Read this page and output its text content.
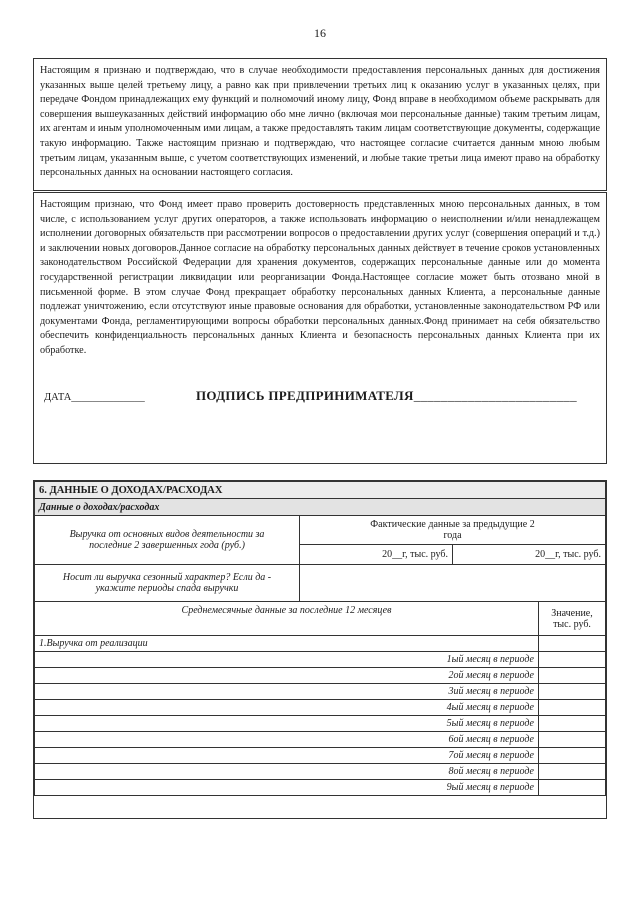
16
Настоящим я признаю и подтверждаю, что в случае необходимости предоставления персональных данных для достижения указанных выше целей третьему лицу, а равно как при привлечении третьих лиц к оказанию услуг в указанных целях, при передаче Фондом принадлежащих ему функций и полномочий иному лицу, Фонд вправе в необходимом объеме раскрывать для совершения вышеуказанных действий информацию обо мне лично (включая мои персональные данные) таким третьим лицам, их агентам и иным уполномоченным ими лицам, а также предоставлять таким лицам соответствующие документы, содержащие такую информацию. Также настоящим признаю и подтверждаю, что настоящее согласие считается данным мною любым третьим лицам, указанным выше, с учетом соответствующих изменений, и любые такие третьи лица имеют право на обработку персональных данных на основании настоящего согласия.
Настоящим признаю, что Фонд имеет право проверить достоверность представленных мною персональных данных, в том числе, с использованием услуг других операторов, а также использовать информацию о неисполнении и/или ненадлежащем исполнении договорных обязательств при рассмотрении вопросов о предоставлении других услуг (совершения операций и т.д.) и заключении новых договоров.Данное согласие на обработку персональных данных действует в течение сроков установленных законодательством Российской Федерации для хранения документов, содержащих персональные данные или до момента государственной регистрации ликвидации или реорганизации Фонда.Настоящее согласие может быть отозвано мной в письменной форме. В этом случае Фонд прекращает обработку персональных данных Клиента, а персональные данные подлежат уничтожению, если отсутствуют иные правовые основания для обработки, установленные законодательством РФ или документами Фонда, регламентирующими вопросы обработки персональных данных.Фонд принимает на себя обязательство обеспечить конфиденциальность персональных данных Клиента и безопасность персональных данных Клиента при их обработке.
ДАТА______________	ПОДПИСЬ ПРЕДПРИНИМАТЕЛЯ________________________
6. ДАННЫЕ О ДОХОДАХ/РАСХОДАХ		
Данные о доходах/расходах		
Выручка от основных видов деятельности за последние 2 завершенных года (руб.)	Фактические данные за предыдущие 2 года	
	20__г, тыс. руб.	20__г, тыс. руб.
Носит ли выручка сезонный характер? Если да - укажите периоды спада выручки		
Среднемесячные данные за последние 12 месяцев	Значение, тыс. руб.
1.Выручка от реализации	
1ый месяц в периоде	
2ой месяц в периоде	
3ий месяц в периоде	
4ый месяц в периоде	
5ый месяц в периоде	
6ой месяц в периоде	
7ой месяц в периоде	
8ой месяц в периоде	
9ый месяц в периоде	
